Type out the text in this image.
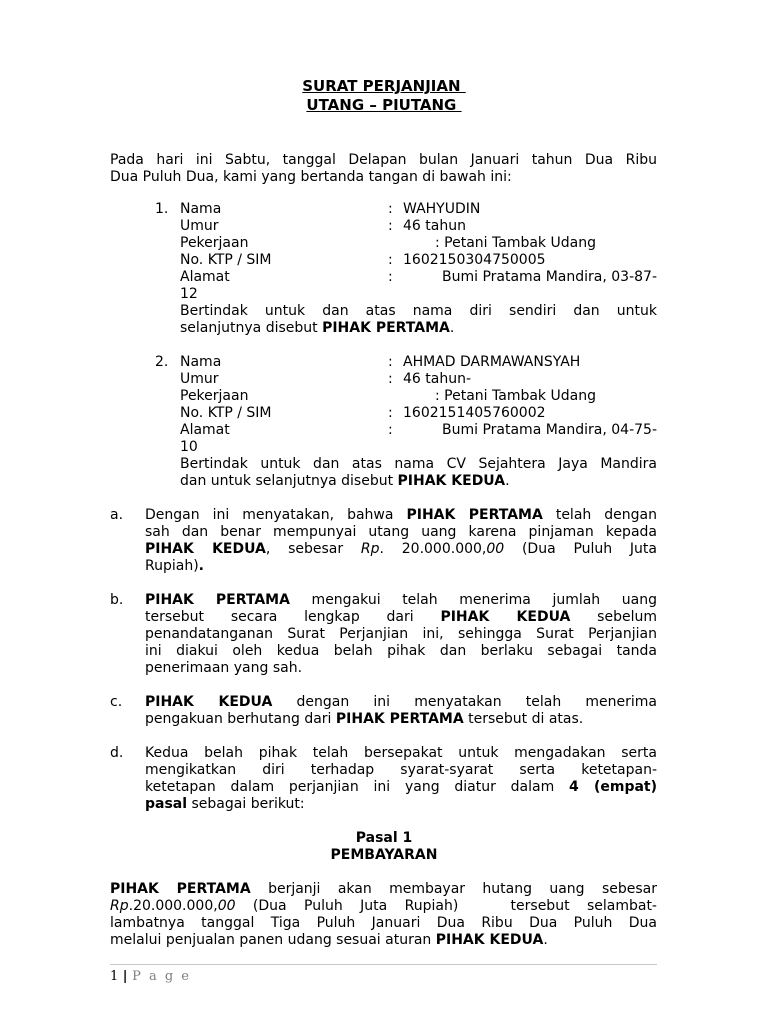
SURAT PERJANJIAN
UTANG – PIUTANG
Pada hari ini Sabtu, tanggal Delapan bulan Januari tahun Dua Ribu
Dua Puluh Dua, kami yang bertanda tangan di bawah ini:
1. Nama	: WAHYUDIN
Umur	: 46 tahun
Pekerjaan	: Petani Tambak Udang
No. KTP / SIM	: 1602150304750005
Alamat	:	Bumi Pratama Mandira, 03-87-
12
Bertindak untuk dan atas nama diri sendiri dan untuk
selanjutnya disebut PIHAK PERTAMA.
2. Nama	: AHMAD DARMAWANSYAH
Umur	: 46 tahun-
Pekerjaan	: Petani Tambak Udang
No. KTP / SIM	: 1602151405760002
Alamat	:	Bumi Pratama Mandira, 04-75-
10
Bertindak untuk dan atas nama CV Sejahtera Jaya Mandira
dan untuk selanjutnya disebut PIHAK KEDUA.
a. Dengan ini menyatakan, bahwa PIHAK PERTAMA telah dengan
sah dan benar mempunyai utang uang karena pinjaman kepada
PIHAK KEDUA, sebesar Rp. 20.000.000,00 (Dua Puluh Juta
Rupiah).
b. PIHAK PERTAMA mengakui telah menerima jumlah uang
tersebut secara lengkap dari PIHAK KEDUA sebelum
penandatanganan Surat Perjanjian ini, sehingga Surat Perjanjian
ini diakui oleh kedua belah pihak dan berlaku sebagai tanda
penerimaan yang sah.
c. PIHAK KEDUA dengan ini menyatakan telah menerima
pengakuan berhutang dari PIHAK PERTAMA tersebut di atas.
d. Kedua belah pihak telah bersepakat untuk mengadakan serta
mengikatkan diri terhadap syarat-syarat serta ketetapan-
ketetapan dalam perjanjian ini yang diatur dalam 4 (empat)
pasal sebagai berikut:
Pasal 1
PEMBAYARAN
PIHAK PERTAMA berjanji akan membayar hutang uang sebesar
Rp.20.000.000,00 (Dua Puluh Juta Rupiah)   tersebut selambat-
lambatnya tanggal Tiga Puluh Januari Dua Ribu Dua Puluh Dua
melalui penjualan panen udang sesuai aturan PIHAK KEDUA.
1 | P a g e
